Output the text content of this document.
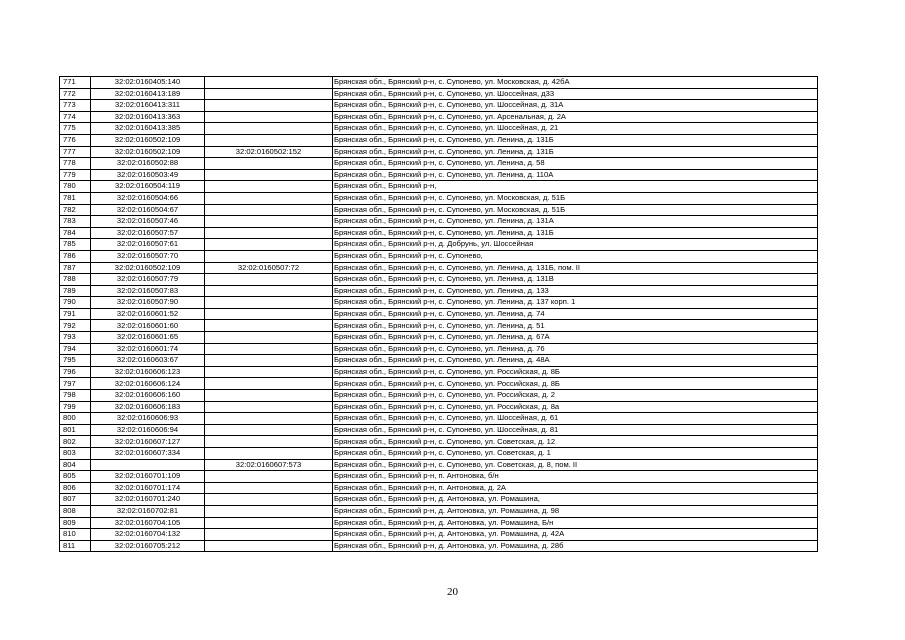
771	32:02:0160405:140		Брянская обл., Брянский р-н, с. Супонево, ул. Московская, д. 42бА
772	32:02:0160413:189		Брянская обл., Брянский р-н, с. Супонево, ул. Шоссейная, д33
773	32:02:0160413:311		Брянская обл., Брянский р-н, с. Супонево, ул. Шоссейная, д. 31А
774	32:02:0160413:363		Брянская обл., Брянский р-н, с. Супонево, ул. Арсенальная, д. 2А
775	32:02:0160413:385		Брянская обл., Брянский р-н, с. Супонево, ул. Шоссейная, д. 21
776	32:02:0160502:109		Брянская обл., Брянский р-н, с. Супонево, ул. Ленина, д. 131Б
777	32:02:0160502:109	32:02:0160502:152	Брянская обл., Брянский р-н, с. Супонево, ул. Ленина, д. 131Б
778	32:02:0160502:88		Брянская обл., Брянский р-н, с. Супонево, ул. Ленина, д. 58
779	32:02:0160503:49		Брянская обл., Брянский р-н, с. Супонево, ул. Ленина, д. 110А
780	32:02:0160504:119		Брянская обл., Брянский р-н,
781	32:02:0160504:66		Брянская обл., Брянский р-н, с. Супонево, ул. Московская, д. 51Б
782	32:02:0160504:67		Брянская обл., Брянский р-н, с. Супонево, ул. Московская, д. 51Б
783	32:02:0160507:46		Брянская обл., Брянский р-н, с. Супонево, ул. Ленина, д. 131А
784	32:02:0160507:57		Брянская обл., Брянский р-н, с. Супонево, ул. Ленина, д. 131Б
785	32:02:0160507:61		Брянская обл., Брянский р-н, д. Добрунь, ул. Шоссейная
786	32:02:0160507:70		Брянская обл., Брянский р-н, с. Супонево,
787	32:02:0160502:109	32:02:0160507:72	Брянская обл., Брянский р-н, с. Супонево, ул. Ленина, д. 131Б, пом. II
788	32:02:0160507:79		Брянская обл., Брянский р-н, с. Супонево, ул. Ленина, д. 131В
789	32:02:0160507:83		Брянская обл., Брянский р-н, с. Супонево, ул. Ленина, д. 133
790	32:02:0160507:90		Брянская обл., Брянский р-н, с. Супонево, ул. Ленина, д. 137 корп. 1
791	32:02:0160601:52		Брянская обл., Брянский р-н, с. Супонево, ул. Ленина, д. 74
792	32:02:0160601:60		Брянская обл., Брянский р-н, с. Супонево, ул. Ленина, д. 51
793	32:02:0160601:65		Брянская обл., Брянский р-н, с. Супонево, ул. Ленина, д. 67А
794	32:02:0160601:74		Брянская обл., Брянский р-н, с. Супонево, ул. Ленина, д. 76
795	32:02:0160603:67		Брянская обл., Брянский р-н, с. Супонево, ул. Ленина, д. 48А
796	32:02:0160606:123		Брянская обл., Брянский р-н, с. Супонево, ул. Российская, д. 8Б
797	32:02:0160606:124		Брянская обл., Брянский р-н, с. Супонево, ул. Российская, д. 8Б
798	32:02:0160606:160		Брянская обл., Брянский р-н, с. Супонево, ул. Российская, д. 2
799	32:02:0160606:183		Брянская обл., Брянский р-н, с. Супонево, ул. Российская, д. 8а
800	32:02:0160606:93		Брянская обл., Брянский р-н, с. Супонево, ул. Шоссейная, д. 61
801	32:02:0160606:94		Брянская обл., Брянский р-н, с. Супонево, ул. Шоссейная, д. 81
802	32:02:0160607:127		Брянская обл., Брянский р-н, с. Супонево, ул. Советская, д. 12
803	32:02:0160607:334		Брянская обл., Брянский р-н, с. Супонево, ул. Советская, д. 1
804		32:02:0160607:573	Брянская обл., Брянский р-н, с. Супонево, ул. Советская, д. 8, пом. II
805	32:02:0160701:109		Брянская обл., Брянский р-н, п. Антоновка, б/н
806	32:02:0160701:174		Брянская обл., Брянский р-н, п. Антоновка, д. 2А
807	32:02:0160701:240		Брянская обл., Брянский р-н, д. Антоновка, ул. Ромашина,
808	32:02:0160702:81		Брянская обл., Брянский р-н, д. Антоновка, ул. Ромашина, д. 98
809	32:02:0160704:105		Брянская обл., Брянский р-н, д. Антоновка, ул. Ромашина, Б/н
810	32:02:0160704:132		Брянская обл., Брянский р-н, д. Антоновка, ул. Ромашина, д. 42А
811	32:02:0160705:212		Брянская обл., Брянский р-н, д. Антоновка, ул. Ромашина, д. 28б
20
